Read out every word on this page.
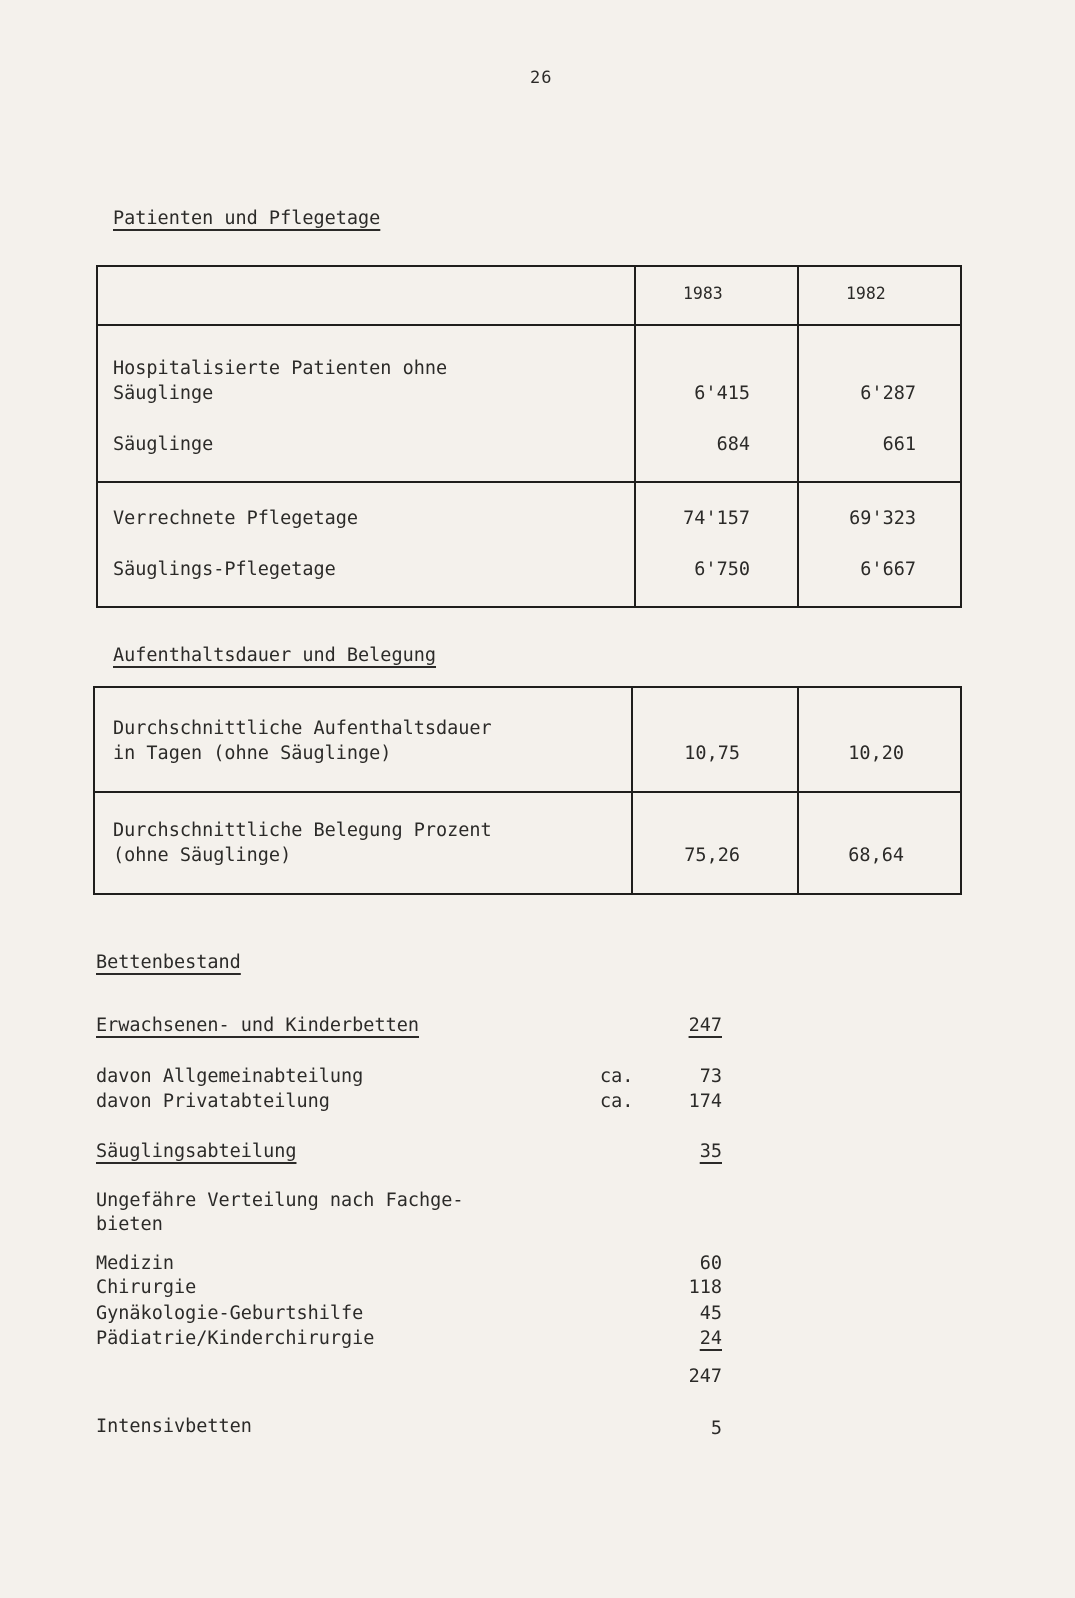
26
Patienten und Pflegetage
1983	1982
Hospitalisierte Patienten ohne
Säuglinge	6'415	6'287
Säuglinge	684	661
Verrechnete Pflegetage	74'157	69'323
Säuglings-Pflegetage	6'750	6'667
Aufenthaltsdauer und Belegung
Durchschnittliche Aufenthaltsdauer
in Tagen (ohne Säuglinge)	10,75	10,20
Durchschnittliche Belegung Prozent
(ohne Säuglinge)	75,26	68,64
Bettenbestand
Erwachsenen- und Kinderbetten	247
davon Allgemeinabteilung	ca.	73
davon Privatabteilung	ca.	174
Säuglingsabteilung	35
Ungefähre Verteilung nach Fachge-
bieten
Medizin	60
Chirurgie	118
Gynäkologie-Geburtshilfe	45
Pädiatrie/Kinderchirurgie	24
247
Intensivbetten	5
